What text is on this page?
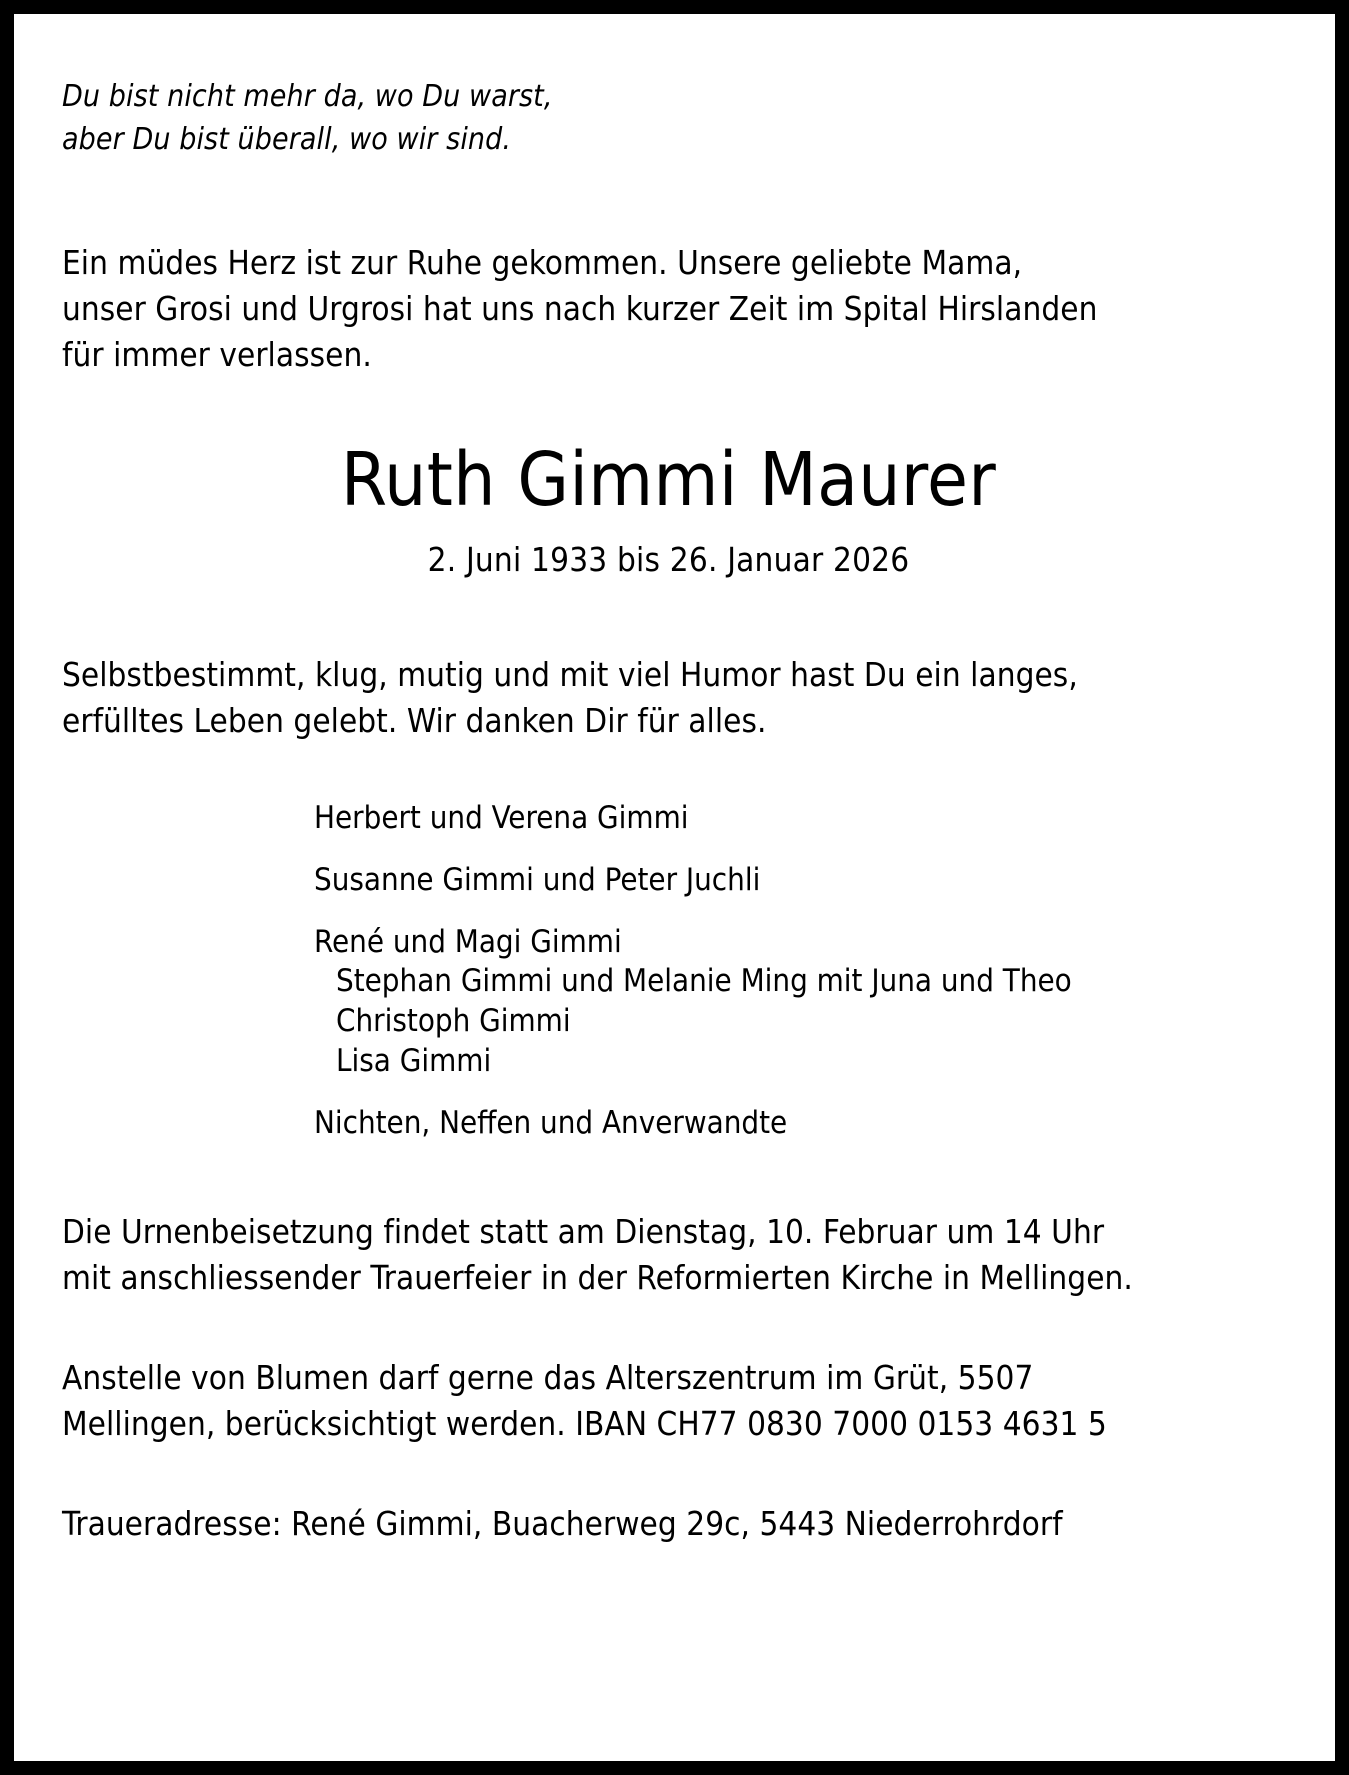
Du bist nicht mehr da, wo Du warst,
aber Du bist überall, wo wir sind.
Ein müdes Herz ist zur Ruhe gekommen. Unsere geliebte Mama,
unser Grosi und Urgrosi hat uns nach kurzer Zeit im Spital Hirslanden
für immer verlassen.
Ruth Gimmi Maurer
2. Juni 1933 bis 26. Januar 2026
Selbstbestimmt, klug, mutig und mit viel Humor hast Du ein langes,
erfülltes Leben gelebt. Wir danken Dir für alles.
Herbert und Verena Gimmi
Susanne Gimmi und Peter Juchli
René und Magi Gimmi
Stephan Gimmi und Melanie Ming mit Juna und Theo
Christoph Gimmi
Lisa Gimmi
Nichten, Neffen und Anverwandte
Die Urnenbeisetzung findet statt am Dienstag, 10. Februar um 14 Uhr
mit anschliessender Trauerfeier in der Reformierten Kirche in Mellingen.
Anstelle von Blumen darf gerne das Alterszentrum im Grüt, 5507
Mellingen, berücksichtigt werden. IBAN CH77 0830 7000 0153 4631 5
Traueradresse: René Gimmi, Buacherweg 29c, 5443 Niederrohrdorf
